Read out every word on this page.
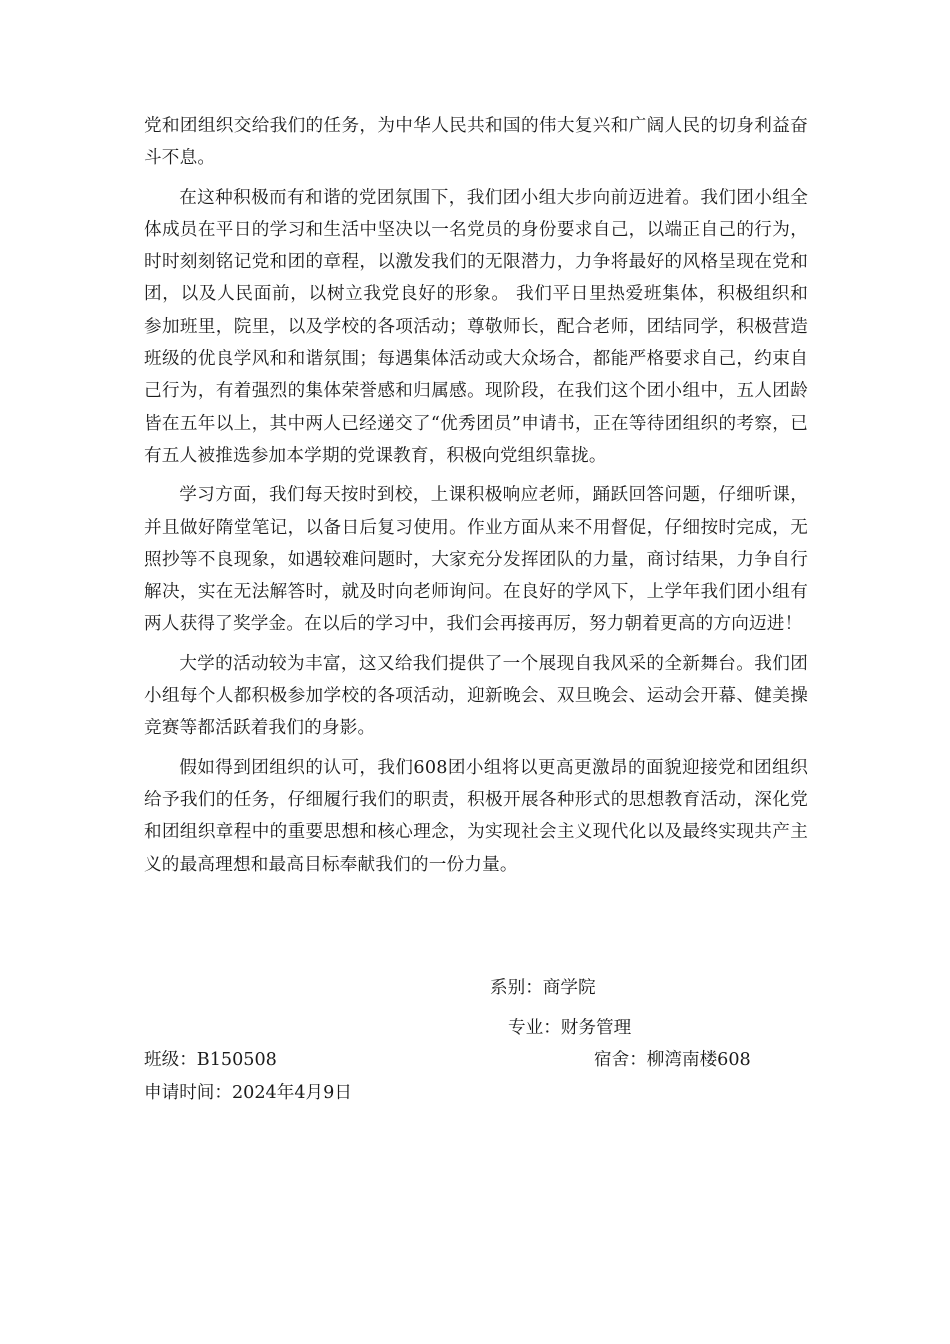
党和团组织交给我们的任务，为中华人民共和国的伟大复兴和广阔人民的切身利益奋斗不息。

在这种积极而有和谐的党团氛围下，我们团小组大步向前迈进着。我们团小组全体成员在平日的学习和生活中坚决以一名党员的身份要求自己，以端正自己的行为，时时刻刻铭记党和团的章程，以激发我们的无限潜力，力争将最好的风格呈现在党和团，以及人民面前，以树立我党良好的形象。 我们平日里热爱班集体，积极组织和参加班里，院里，以及学校的各项活动；尊敬师长，配合老师，团结同学，积极营造班级的优良学风和和谐氛围；每遇集体活动或大众场合，都能严格要求自己，约束自己行为，有着强烈的集体荣誉感和归属感。现阶段，在我们这个团小组中，五人团龄皆在五年以上，其中两人已经递交了“优秀团员”申请书，正在等待团组织的考察，已有五人被推选参加本学期的党课教育，积极向党组织靠拢。

学习方面，我们每天按时到校，上课积极响应老师，踊跃回答问题，仔细听课，并且做好隋堂笔记，以备日后复习使用。作业方面从来不用督促，仔细按时完成，无照抄等不良现象，如遇较难问题时，大家充分发挥团队的力量，商讨结果，力争自行解决，实在无法解答时，就及时向老师询问。在良好的学风下，上学年我们团小组有两人获得了奖学金。在以后的学习中，我们会再接再厉，努力朝着更高的方向迈进！

大学的活动较为丰富，这又给我们提供了一个展现自我风采的全新舞台。我们团小组每个人都积极参加学校的各项活动，迎新晚会、双旦晚会、运动会开幕、健美操竞赛等都活跃着我们的身影。

假如得到团组织的认可，我们608团小组将以更高更激昂的面貌迎接党和团组织给予我们的任务，仔细履行我们的职责，积极开展各种形式的思想教育活动，深化党和团组织章程中的重要思想和核心理念，为实现社会主义现代化以及最终实现共产主义的最高理想和最高目标奉献我们的一份力量。

系别：商学院
专业：财务管理
班级：B150508	宿舍：柳湾南楼608
申请时间：2024年4月9日
